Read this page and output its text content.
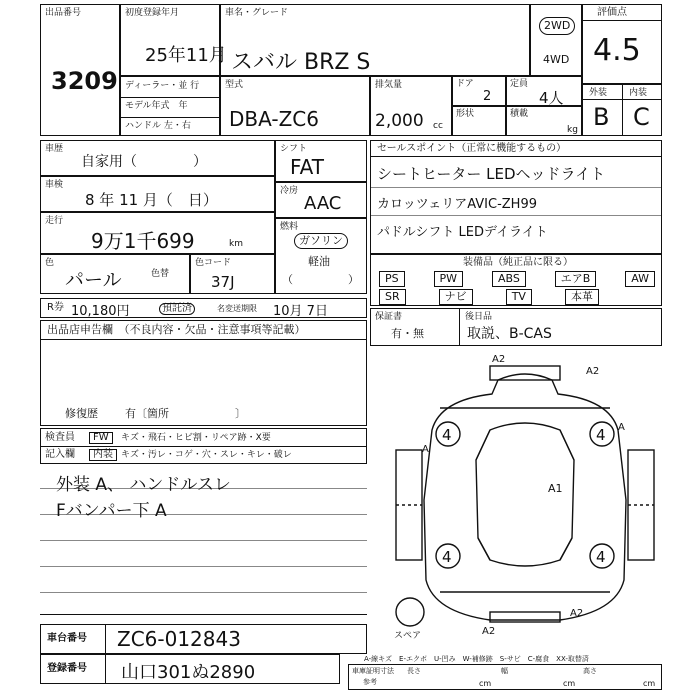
出品番号
3209
初度登録年月
25年11月
車名・グレード
スバル BRZ S
2WD
4WD
評価点
4.5
ディーラー・並 行
モデル年式　年
ハンドル 左・右
型式
DBA-ZC6
排気量
2,000 cc
ドア
2
定員
4人
形状	積載
kg
外装 内装
B C
車歴
自家用（　　　　）
車検
8 年 11 月（　日）
走行
9万1千699	km
色
パール	色替
色コード
37J
シフト
FAT
冷房
AAC
燃料
ガソリン
軽油
（　　　　　）
セールスポイント（正常に機能するもの）
シートヒーター LEDヘッドライト
カロッツェリアAVIC-ZH99
パドルシフト LEDデイライト
装備品（純正品に限る）
PS	PW	ABS	エアB	AW
SR	ナビ	TV	本革
R券 10,180円	預託済	名変送期限 10月 7日	保証書
有・無
後日品
取説、B-CAS
出品店申告欄　（不良内容・欠品・注意事項等記載）
修復歴 有〔箇所　　　　　　〕
検査員	FW	キズ・飛石・ヒビ割・リペア跡・X要
記入欄	内装 キズ・汚レ・コゲ・穴・スレ・キレ・破レ
外装 A、 ハンドルスレ
Fバンパー下 A
4	4
4	4
A2
A2
A
A
A1
A2
A2
スペア
A-線キズ　E-エクボ　U-凹み　W-補修跡　S-サビ　C-腐食　XX-取替済
車庫証明寸法
参考
長さ
cm
幅
cm
高さ
cm
車台番号 ZC6-012843
登録番号 山口301ぬ2890
